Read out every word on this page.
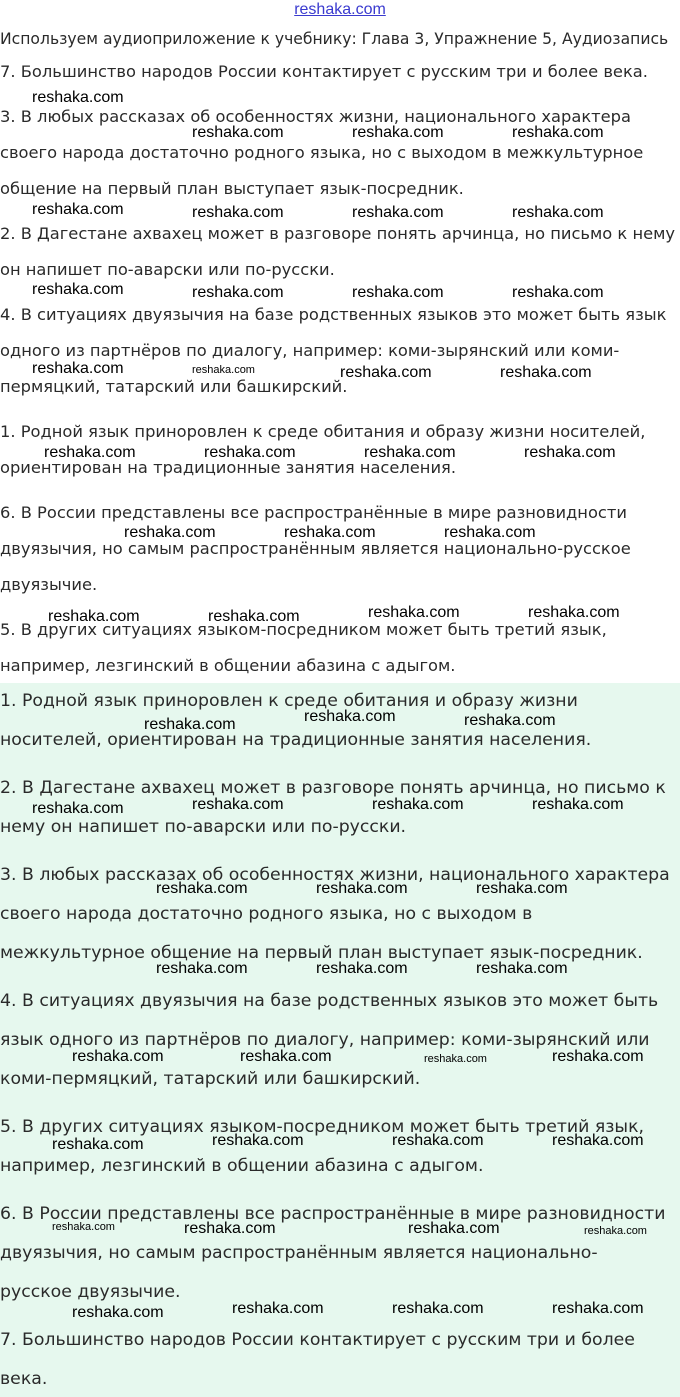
reshaka.com
Используем аудиоприложение к учебнику: Глава 3, Упражнение 5, Аудиозапись
7. Большинство народов России контактирует с русским три и более века.
3. В любых рассказах об особенностях жизни, национального характера
своего народа достаточно родного языка, но с выходом в межкультурное
общение на первый план выступает язык-посредник.
2. В Дагестане ахвахец может в разговоре понять арчинца, но письмо к нему
он напишет по-аварски или по-русски.
4. В ситуациях двуязычия на базе родственных языков это может быть язык
одного из партнёров по диалогу, например: коми-зырянский или коми-
пермяцкий, татарский или башкирский.
1. Родной язык приноровлен к среде обитания и образу жизни носителей,
ориентирован на традиционные занятия населения.
6. В России представлены все распространённые в мире разновидности
двуязычия, но самым распространённым является национально-русское
двуязычие.
5. В других ситуациях языком-посредником может быть третий язык,
например, лезгинский в общении абазина с адыгом.
1. Родной язык приноровлен к среде обитания и образу жизни
носителей, ориентирован на традиционные занятия населения.
2. В Дагестане ахвахец может в разговоре понять арчинца, но письмо к
нему он напишет по-аварски или по-русски.
3. В любых рассказах об особенностях жизни, национального характера
своего народа достаточно родного языка, но с выходом в
межкультурное общение на первый план выступает язык-посредник.
4. В ситуациях двуязычия на базе родственных языков это может быть
язык одного из партнёров по диалогу, например: коми-зырянский или
коми-пермяцкий, татарский или башкирский.
5. В других ситуациях языком-посредником может быть третий язык,
например, лезгинский в общении абазина с адыгом.
6. В России представлены все распространённые в мире разновидности
двуязычия, но самым распространённым является национально-
русское двуязычие.
7. Большинство народов России контактирует с русским три и более
века.
reshaka.com
reshaka.com	reshaka.com	reshaka.com
reshaka.com	reshaka.com	reshaka.com	reshaka.com
reshaka.com	reshaka.com	reshaka.com	reshaka.com
reshaka.com	reshaka.com	reshaka.com	reshaka.com
reshaka.com	reshaka.com	reshaka.com	reshaka.com
reshaka.com	reshaka.com	reshaka.com
reshaka.com	reshaka.com	reshaka.com	reshaka.com
reshaka.com	reshaka.com	reshaka.com
reshaka.com	reshaka.com	reshaka.com	reshaka.com
reshaka.com	reshaka.com	reshaka.com
reshaka.com	reshaka.com	reshaka.com
reshaka.com	reshaka.com	reshaka.com	reshaka.com
reshaka.com	reshaka.com	reshaka.com	reshaka.com
reshaka.com	reshaka.com	reshaka.com	reshaka.com
reshaka.com	reshaka.com	reshaka.com	reshaka.com
